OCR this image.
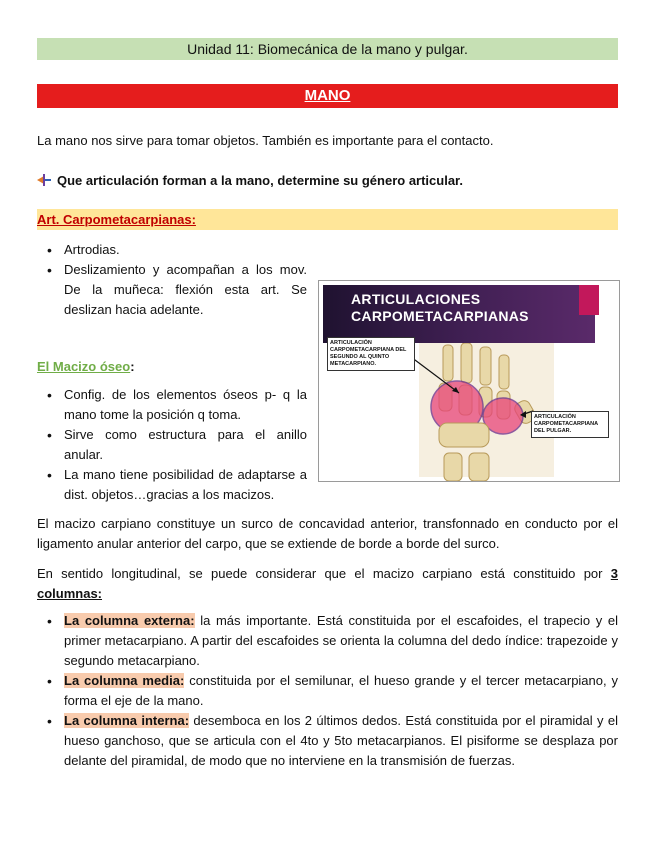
Unidad 11: Biomecánica de la mano y pulgar.
MANO
La mano nos sirve para tomar objetos. También es importante para el contacto.
Que articulación forman a la mano, determine su género articular.
Art. Carpometacarpianas:
• Artrodias.
• Deslizamiento y acompañan a los mov. De la muñeca: flexión esta art. Se deslizan hacia adelante.
ARTICULACIONES
CARPOMETACARPIANAS
ARTICULACIÓN
CARPOMETACARPIANA DEL
SEGUNDO AL QUINTO
METACARPIANO.
ARTICULACIÓN
CARPOMETACARPIANA
DEL PULGAR.
El Macizo óseo:
• Config. de los elementos óseos p- q la mano tome la posición q toma.
• Sirve como estructura para el anillo anular.
• La mano tiene posibilidad de adaptarse a dist. objetos…gracias a los macizos.
El macizo carpiano constituye un surco de concavidad anterior, transfonnado en conducto por el ligamento anular anterior del carpo, que se extiende de borde a borde del surco.
En sentido longitudinal, se puede considerar que el macizo carpiano está constituido por 3 columnas:
• La columna externa: la más importante. Está constituida por el escafoides, el trapecio y el primer metacarpiano. A partir del escafoides se orienta la columna del dedo índice: trapezoide y segundo metacarpiano.
• La columna media: constituida por el semilunar, el hueso grande y el tercer metacarpiano, y forma el eje de la mano.
• La columna interna: desemboca en los 2 últimos dedos. Está constituida por el piramidal y el hueso ganchoso, que se articula con el 4to y 5to metacarpianos. El pisiforme se desplaza por delante del piramidal, de modo que no interviene en la transmisión de fuerzas.
